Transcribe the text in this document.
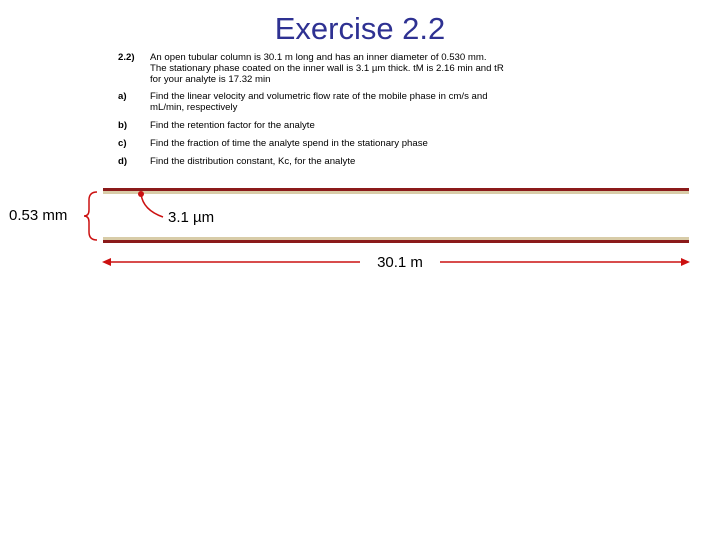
Exercise 2.2
2.2) An open tubular column is 30.1 m long and has an inner diameter of 0.530 mm.
The stationary phase coated on the inner wall is 3.1 µm thick. tM is 2.16 min and tR
for your analyte is 17.32 min
a) Find the linear velocity and volumetric flow rate of the mobile phase in cm/s and
mL/min, respectively
b) Find the retention factor for the analyte
c) Find the fraction of time the analyte spend in the stationary phase
d) Find the distribution constant, Kc, for the analyte
0.53 mm	3.1 µm
30.1 m
